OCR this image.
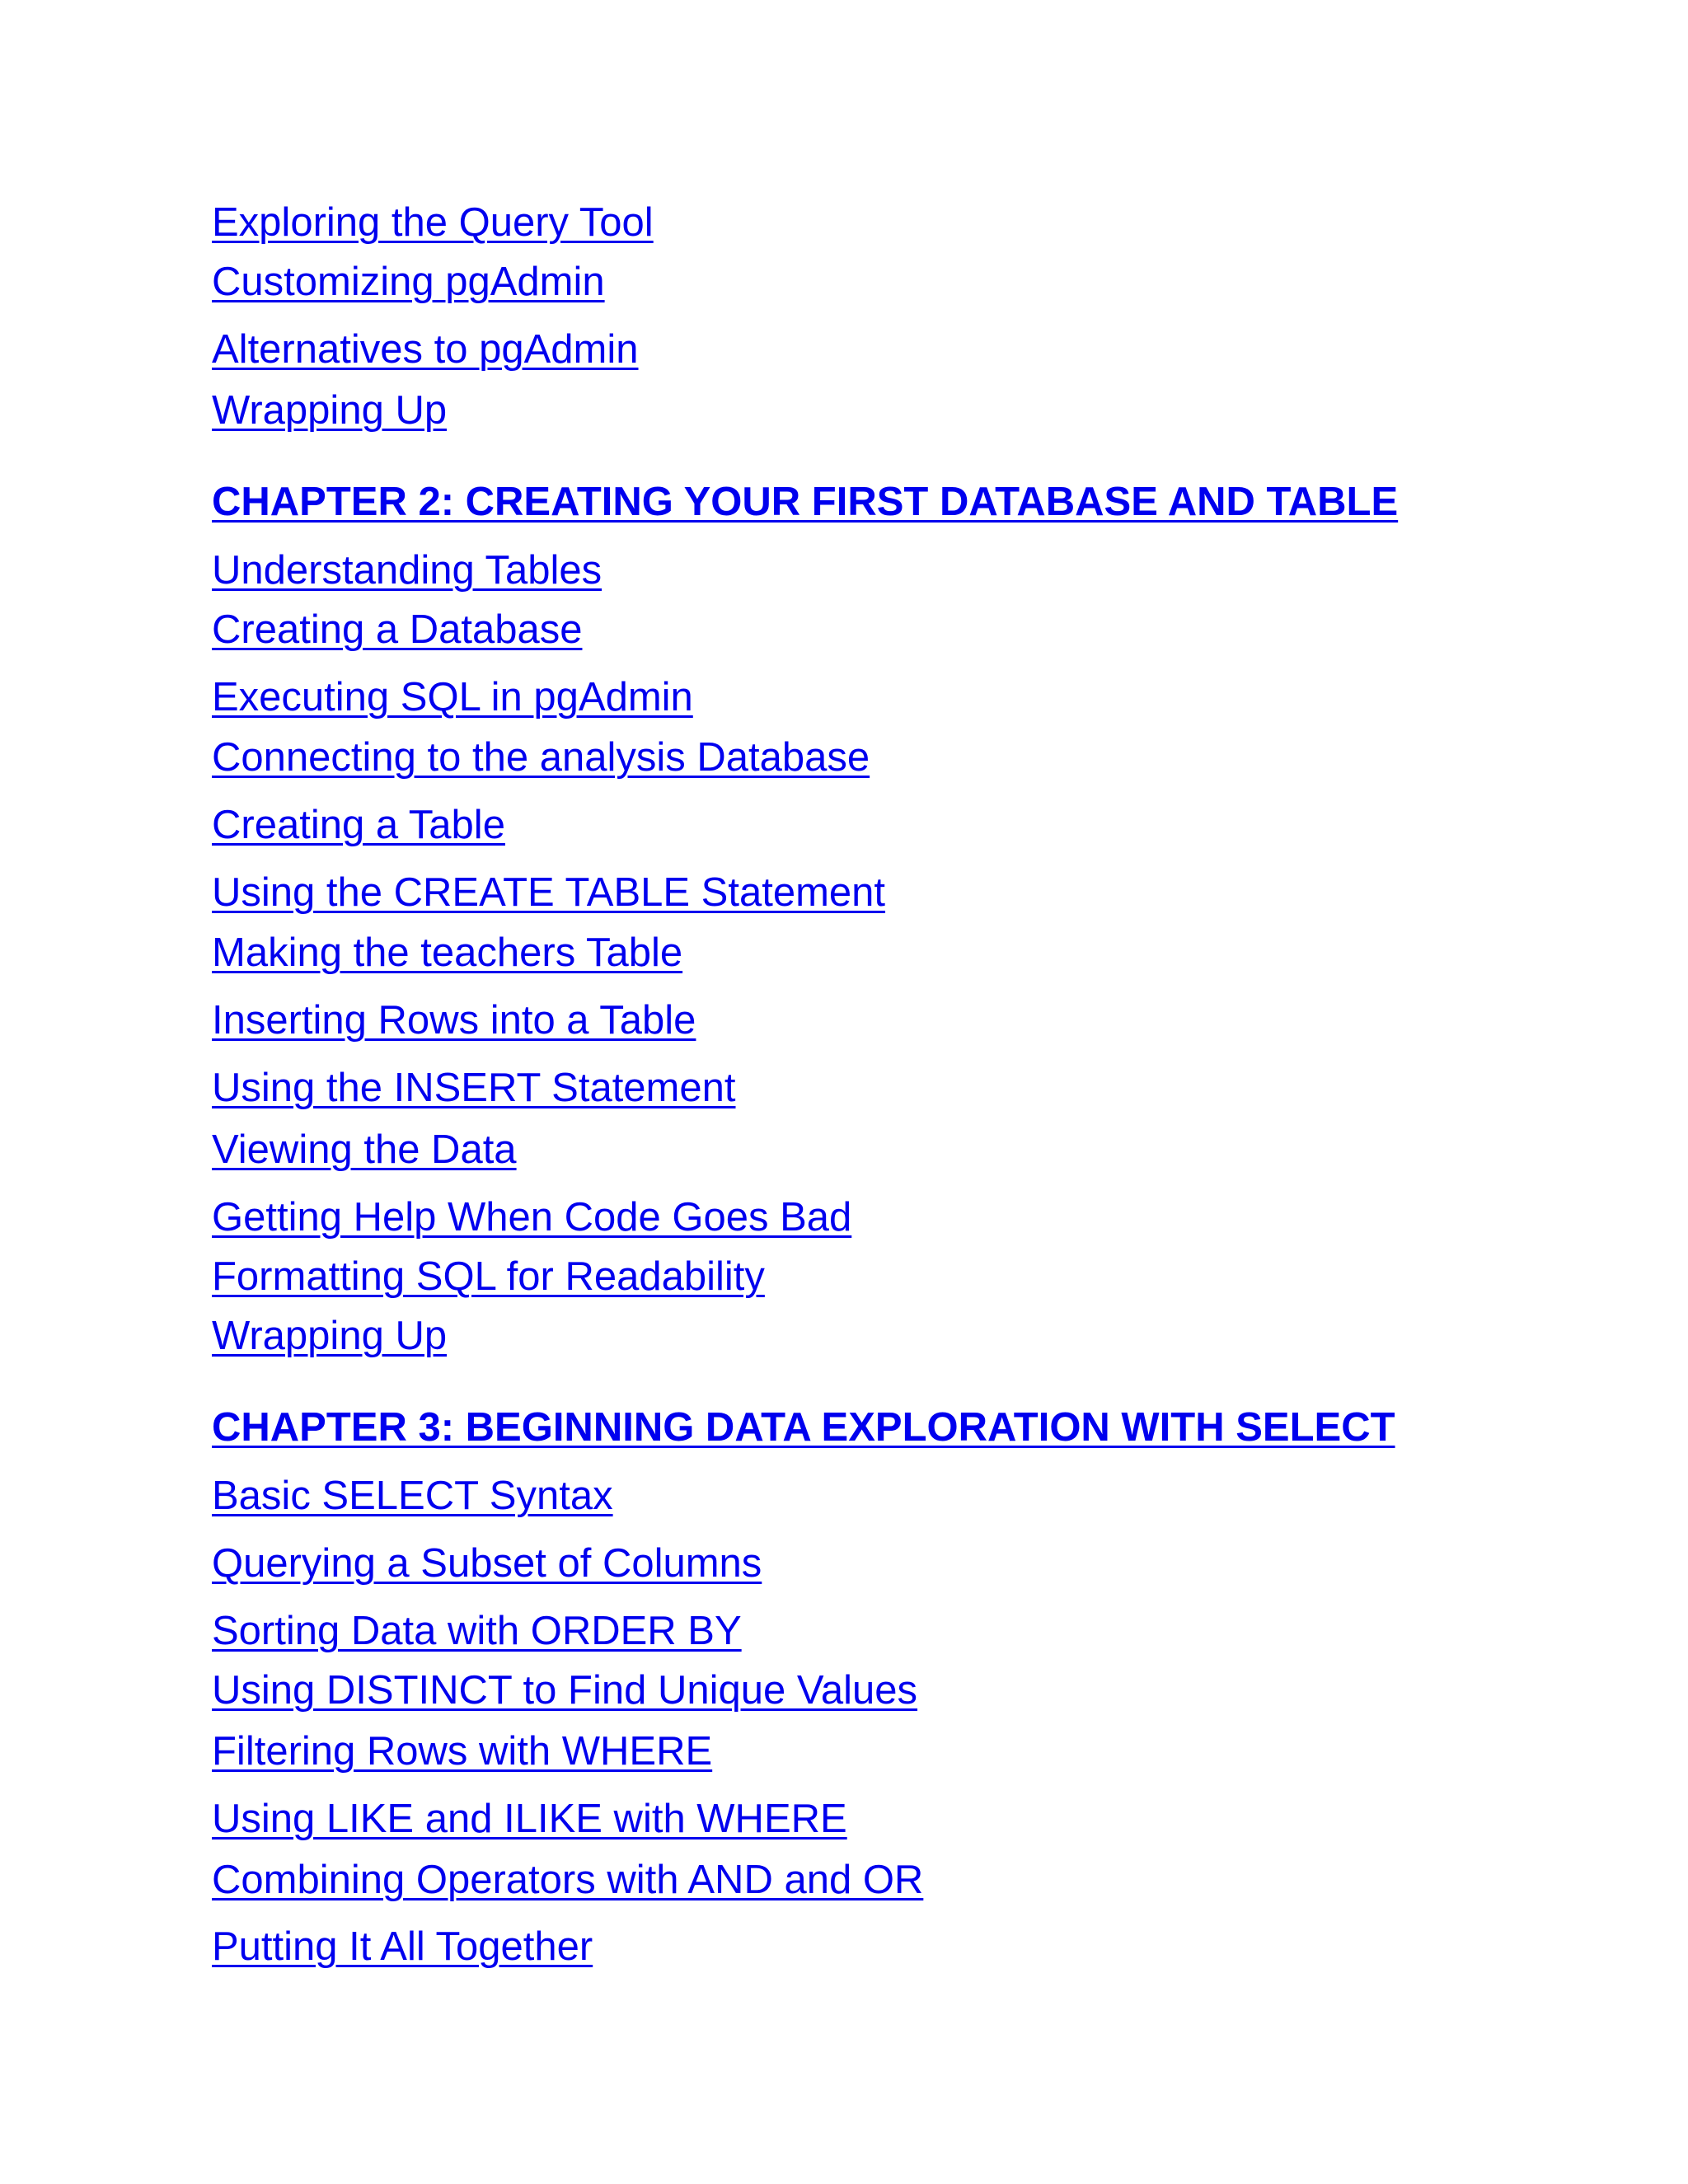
Exploring the Query Tool
Customizing pgAdmin
Alternatives to pgAdmin
Wrapping Up
CHAPTER 2: CREATING YOUR FIRST DATABASE AND TABLE
Understanding Tables
Creating a Database
Executing SQL in pgAdmin
Connecting to the analysis Database
Creating a Table
Using the CREATE TABLE Statement
Making the teachers Table
Inserting Rows into a Table
Using the INSERT Statement
Viewing the Data
Getting Help When Code Goes Bad
Formatting SQL for Readability
Wrapping Up
CHAPTER 3: BEGINNING DATA EXPLORATION WITH SELECT
Basic SELECT Syntax
Querying a Subset of Columns
Sorting Data with ORDER BY
Using DISTINCT to Find Unique Values
Filtering Rows with WHERE
Using LIKE and ILIKE with WHERE
Combining Operators with AND and OR
Putting It All Together
